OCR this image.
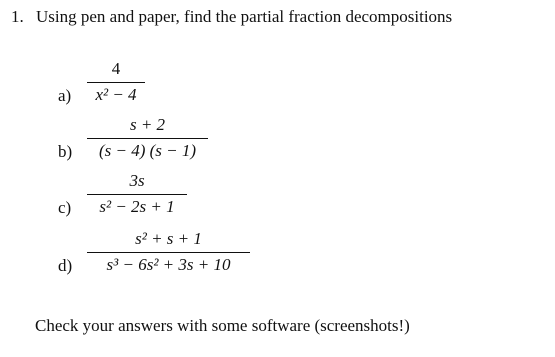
1. Using pen and paper, find the partial fraction decompositions
a)
4
x² − 4
b)
s + 2
(s − 4) (s − 1)
c)
3s
s² − 2s + 1
d)
s² + s + 1
s³ − 6s² + 3s + 10
Check your answers with some software (screenshots!)
